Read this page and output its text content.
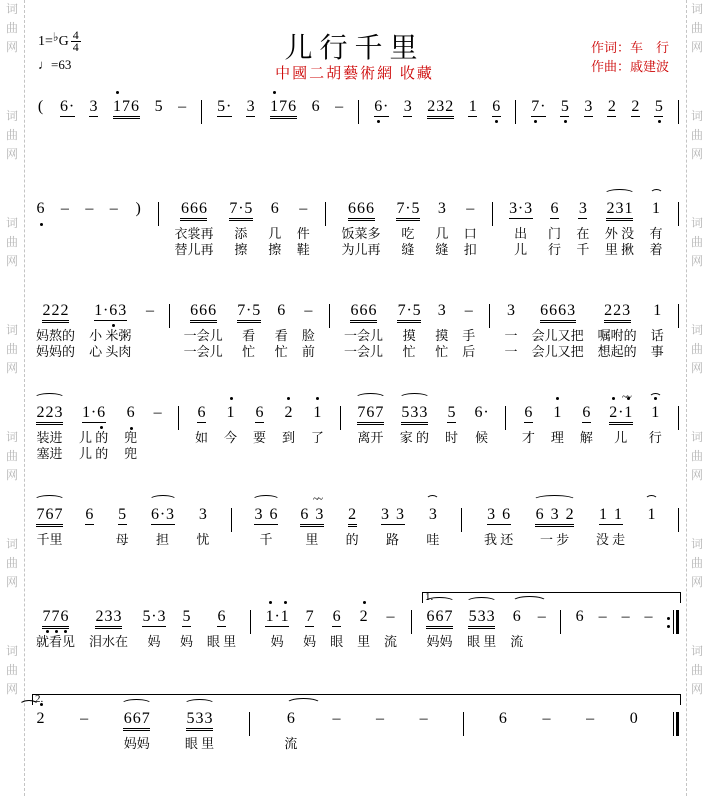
词
曲
网
词
曲
网
词
曲
网
词
曲
网
词
曲
网
词
曲
网
词
曲
网
词
曲
网
词
曲
网
词
曲
网
词
曲
网
词
曲
网
词
曲
网
词
曲
网
1= ♭ G $\frac{4}{4}$
♩=63
儿行千里
中國二胡藝術網 收藏
作词：车　行
作曲：戚建波
(

6 ·

3

1 7 6

5

–

5 ·

3

1 7 6

6

–

6 ·

3

2 3 2

1

6

7 ·

5

3

2

2

5

6

–

–

–

)

	6 6 6
衣裳再
替儿再
7 · 5
添
擦
6
几
擦
–
件
鞋
6 6 6
饭菜多
为儿再
7 · 5
吃
缝
3
几
缝
–
口
扣
3 · 3
出
儿
6
门
行
3
在
千
2 3 1
外 没
里 揪
1
有
着
2 2 2
妈熬的
妈妈的
1 · 6 3
小 米粥
心 头肉
–

6 6 6
一会儿
一会儿
7 · 5
看
忙
6
看
忙
–
脸
前
6 6 6
一会儿
一会儿
7 · 5
摸
忙
3
摸
忙
–
手
后
3
一
一
6 6 6 3
会儿又把
会儿又把
2 2 3
嘱咐的
想起的
1
话
事
2 2 3
装进
塞进
1 · 6
儿 的
儿 的
6
兜
兜
–

6
如

1
今

6
要

2
到

1
了

7 6 7
离开

5 3 3
家 的

5
时

6 ·
候

6
才

1
理

6
解

~~ 2 · 1
儿

1
行

7 6 7
千里

6

5
母

6 · 3
担

3
忧

3 6
千

~~ 6 3
里

2
的

3 3
路

3
哇

3 6
我 还

6 3 2
一 步

1 1
没 走

1

7 7 6
就看见

2 3 3
泪水在

5 · 3
妈

5
妈

6
眼 里

1 · 1
妈

7
妈

6
眼

2
里

–
流

6 6 7
妈妈

5 3 3
眼 里

6
流

–

6

–

–

–

1.
2

–

6 6 7
妈妈

5 3 3
眼 里

6
流

–

–

–

	6

–

–

0

2.
